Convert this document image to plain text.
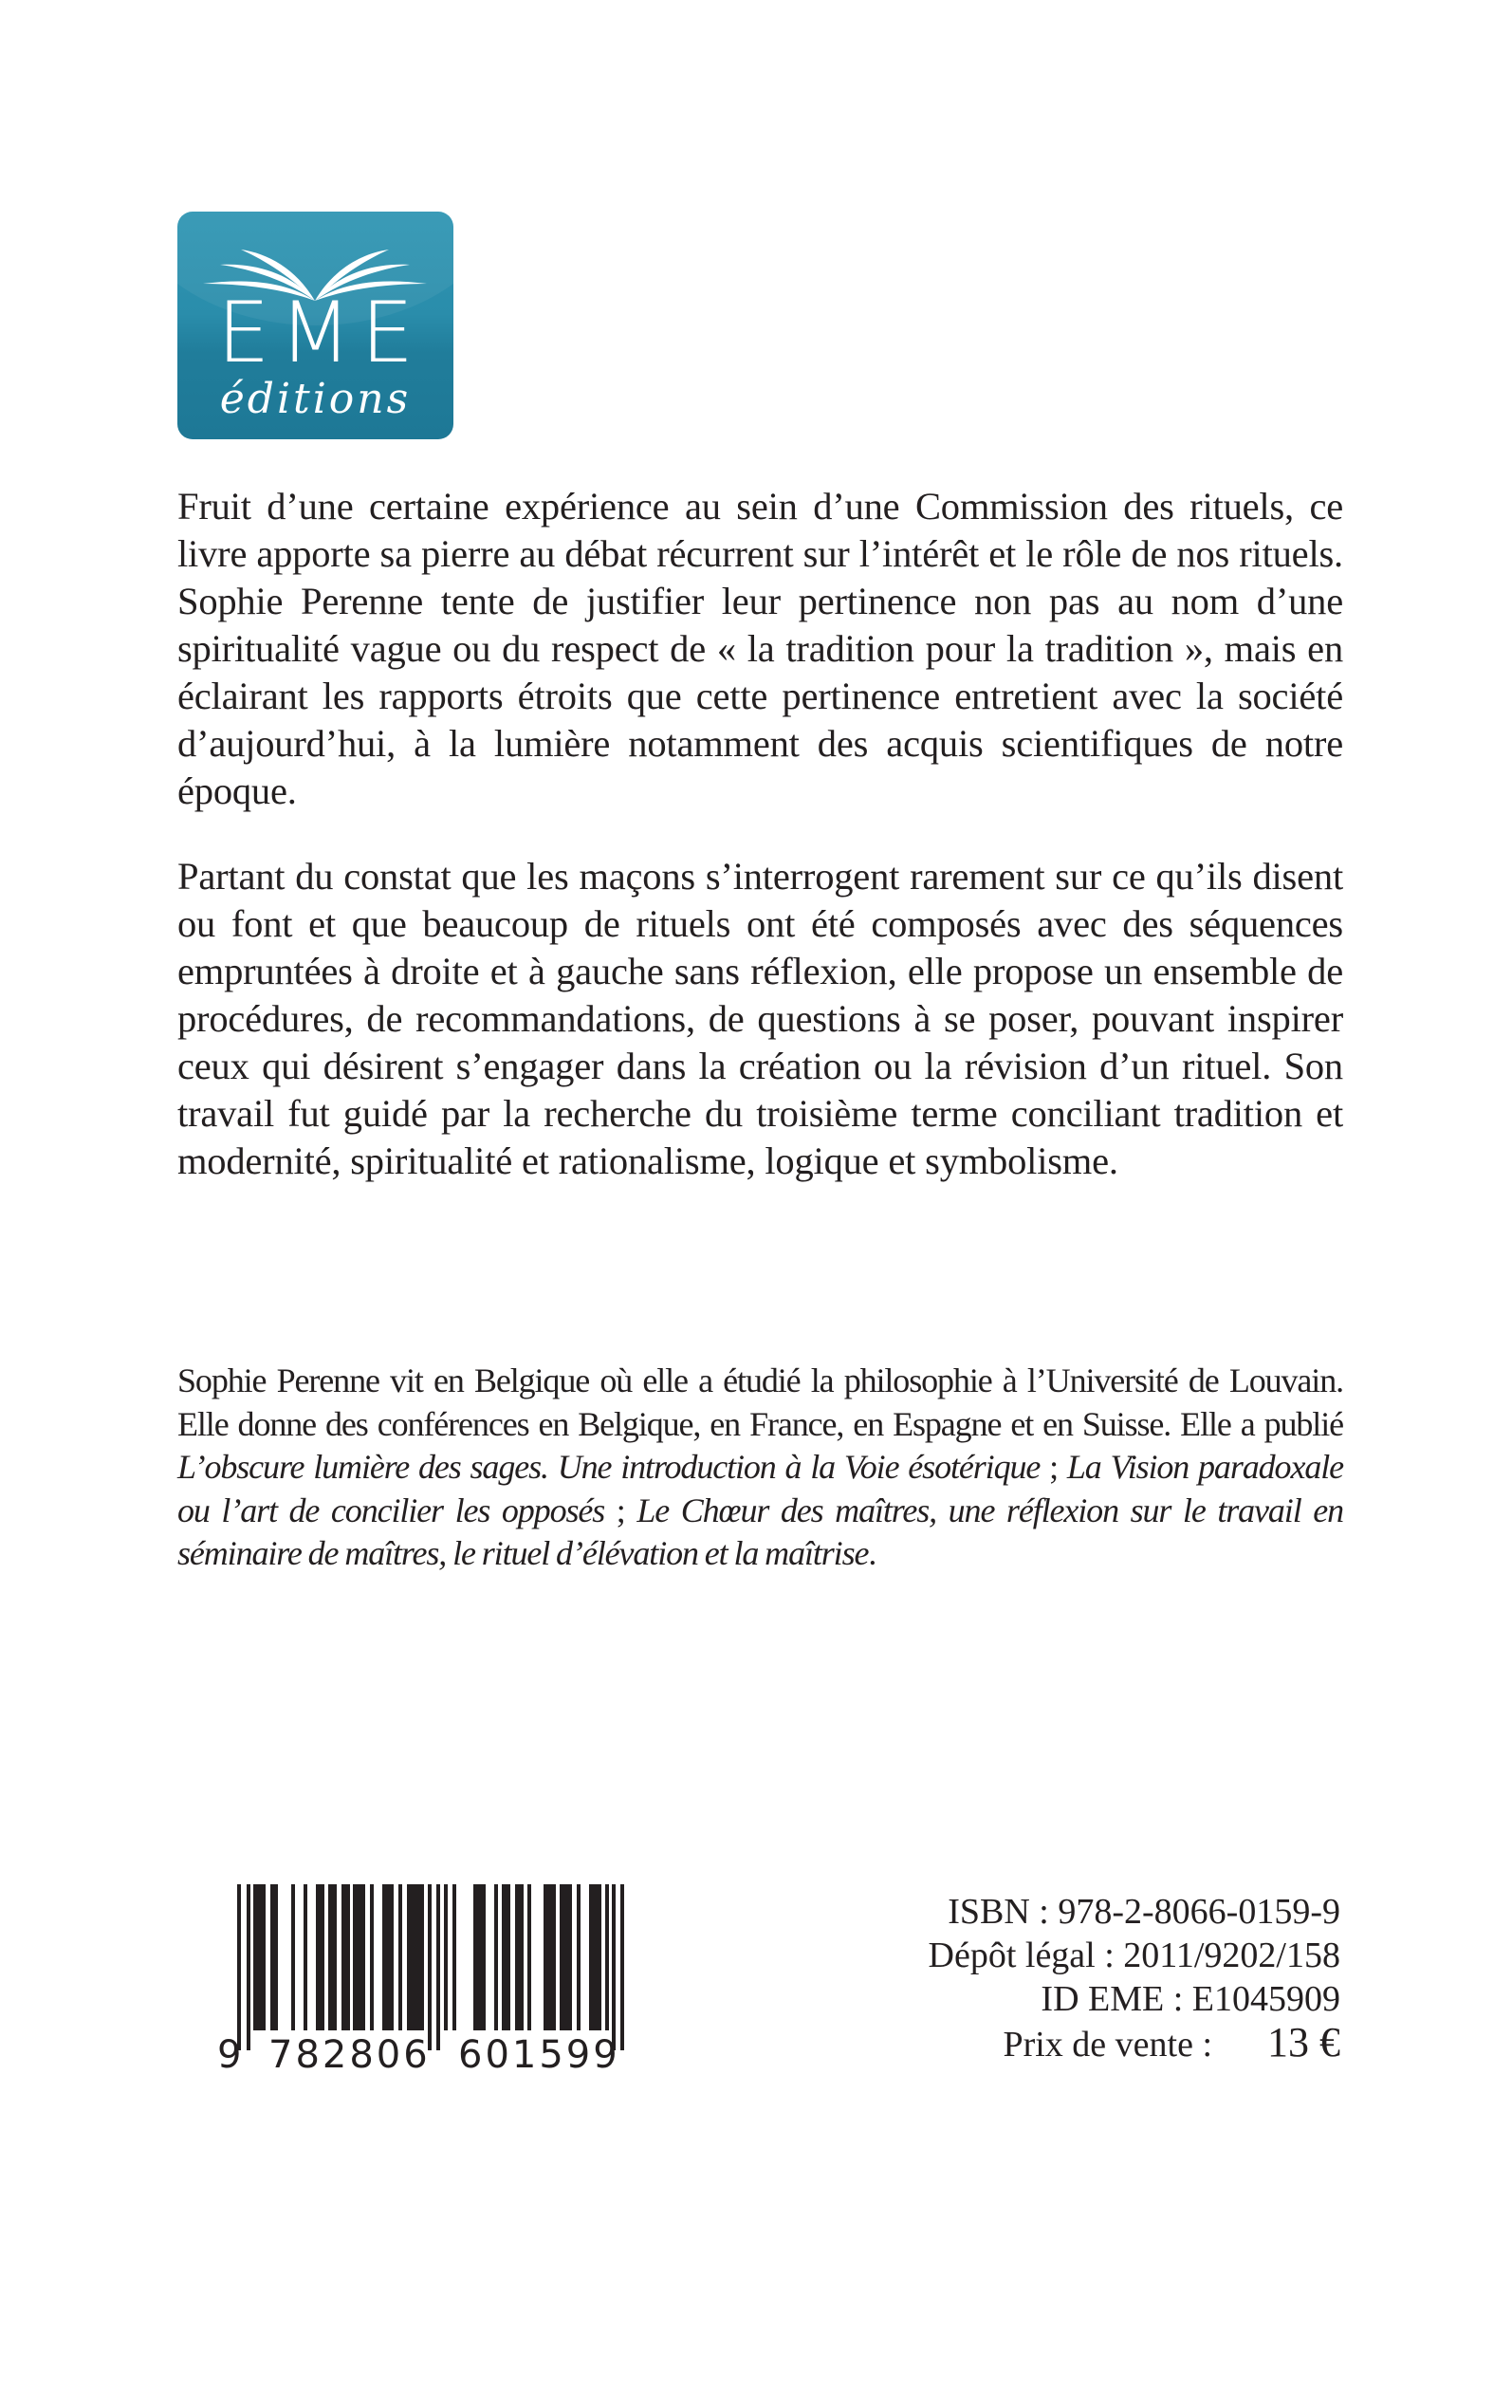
EME
éditions

Fruit d’une certaine expérience au sein d’une Commission des rituels, ce livre apporte sa pierre au débat récurrent sur l’intérêt et le rôle de nos rituels. Sophie Perenne tente de justifier leur pertinence non pas au nom d’une spiritualité vague ou du respect de « la tradition pour la tradition », mais en éclairant les rapports étroits que cette pertinence entretient avec la société d’aujourd’hui, à la lumière notamment des acquis scientifiques de notre époque.

Partant du constat que les maçons s’interrogent rarement sur ce qu’ils disent ou font et que beaucoup de rituels ont été composés avec des séquences empruntées à droite et à gauche sans réflexion, elle propose un ensemble de procédures, de recommandations, de questions à se poser, pouvant inspirer ceux qui désirent s’engager dans la création ou la révision d’un rituel. Son travail fut guidé par la recherche du troisième terme conciliant tradition et modernité, spiritualité et rationalisme, logique et symbolisme.

Sophie Perenne vit en Belgique où elle a étudié la philosophie à l’Université de Louvain. Elle donne des conférences en Belgique, en France, en Espagne et en Suisse. Elle a publié L’obscure lumière des sages. Une introduction à la Voie ésotérique ; La Vision paradoxale ou l’art de concilier les opposés ; Le Chœur des maîtres, une réflexion sur le travail en séminaire de maîtres, le rituel d’élévation et la maîtrise.

9 782806 601599
ISBN : 978-2-8066-0159-9
Dépôt légal : 2011/9202/158
ID EME : E1045909
Prix de vente : 13 €
